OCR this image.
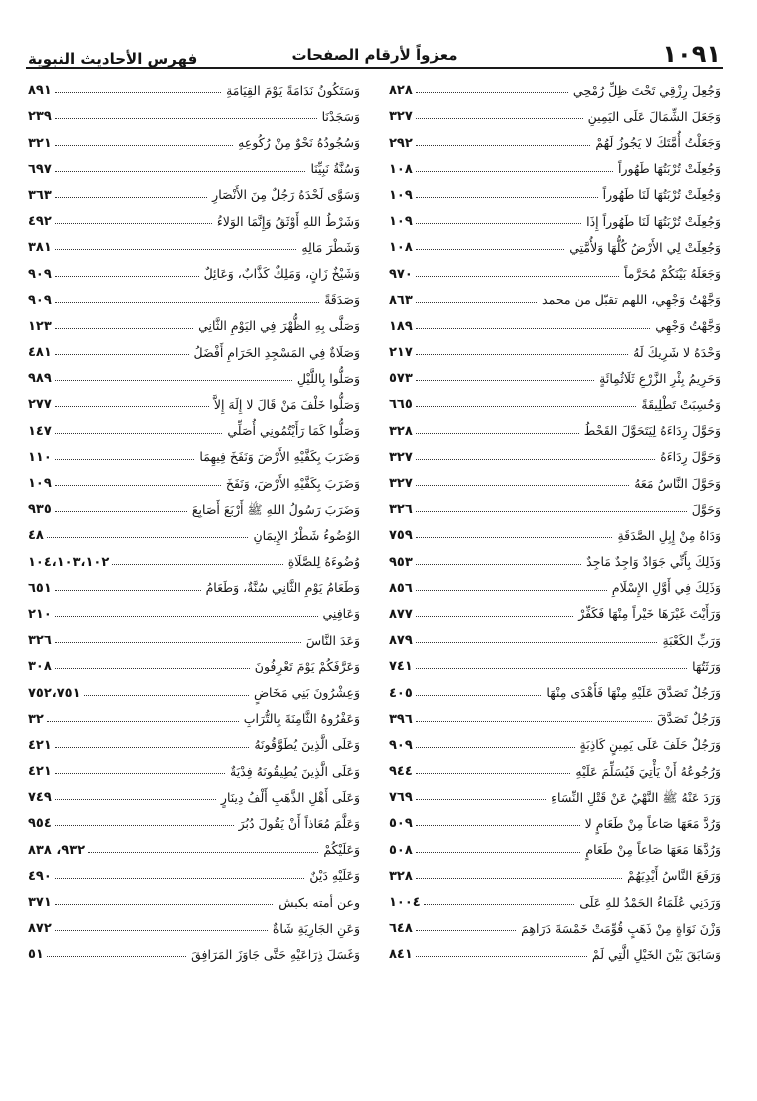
١٠٩١
معزواً لأرقام الصفحات
فهرس الأحاديث النبوية
وَجُعِلَ رِزْقِي تَحْتَ ظِلِّ رُمْحِي
٨٢٨
وَجَعَلَ الشِّمَالَ عَلَى اليَمِينِ
٣٢٧
وَجَعَلْتُ أُمَّتَكَ لا يَجُوزُ لَهُمْ
٢٩٢
وَجُعِلَتْ تُرْبَتُهَا طَهُوراً
١٠٨
وَجُعِلَتْ تُرْبَتُهَا لَنَا طَهُوراً
١٠٩
وَجُعِلَتْ تُرْبَتُهَا لَنَا طَهُوراً إِذَا
١٠٩
وَجُعِلَتْ لِي الأَرْضُ كُلُّهَا وَلأُمَّتِي
١٠٨
وَجَعَلَهُ بَيْنَكُمْ مُحَرَّماً
٩٧٠
وَجَّهْتُ وَجْهِي، اللهم تقبّل من محمد
٨٦٣
وَجَّهْتُ وَجْهِي
١٨٩
وَحْدَهُ لا شَرِيكَ لَهُ
٢١٧
وَحَرِيمُ بِئْرِ الزَّرْعِ ثَلَاثُمِائَةٍ
٥٧٣
وَحُسِبَتْ تَطْلِيقَةً
٦٦٥
وَحَوَّلَ رِدَاءَهُ لِيَتَحَوَّلَ القَحْطُ
٣٢٨
وَحَوَّلَ رِدَاءَهُ
٣٢٧
وَحَوَّلَ النَّاسُ مَعَهُ
٣٢٧
وَحَوَّلَ
٣٢٦
وَدَاهُ مِنْ إِبِلِ الصَّدَقَةِ
٧٥٩
وَذَلِكَ بِأَنِّي جَوَادٌ وَاجِدٌ مَاجِدٌ
٩٥٣
وَذَلِكَ فِي أَوَّلِ الإِسْلَامِ
٨٥٦
وَرَأَيْتَ غَيْرَهَا خَيْراً مِنْهَا فَكَفِّرْ
٨٧٧
وَرَبِّ الكَعْبَةِ
٨٧٩
وَرَثَتُهَا
٧٤١
وَرَجُلٌ تَصَدَّقَ عَلَيْهِ مِنْهَا فَأَهْدَى مِنْهَا
٤٠٥
وَرَجُلٌ تَصَدَّقَ
٣٩٦
وَرَجُلٌ حَلَفَ عَلَى يَمِينٍ كَاذِبَةٍ
٩٠٩
وَرُجُوعُهُ أَنْ يَأْتِيَ فَيُسَلِّمَ عَلَيْهِ
٩٤٤
وَرَدَ عَنْهُ ﷺ النَّهْيُ عَنْ قَتْلِ النِّسَاءِ
٧٦٩
وَرُدَّ مَعَهَا صَاعاً مِنْ طَعَامٍ لا
٥٠٩
وَرُدَّهَا مَعَهَا صَاعاً مِنْ طَعَامٍ
٥٠٨
وَرَفَعَ النَّاسُ أَيْدِيَهُمْ
٣٢٨
وَرَدَنِي عُلَمَاءُ الحَمْدُ للهِ عَلَى
١٠٠٤
وَزْنَ نَوَاةٍ مِنْ ذَهَبٍ قُوِّمَتْ خَمْسَةَ دَرَاهِمَ
٦٤٨
وَسَابَقَ بَيْنَ الخَيْلِ الَّتِي لَمْ
٨٤١
وَسَتَكُونُ نَدَامَةً يَوْمَ القِيَامَةِ
٨٩١
وَسَجَدْنَا
٢٣٩
وَسُجُودُهُ نَحْوٌ مِنْ رُكُوعِهِ
٣٢١
وَسُنَّةُ نَبِيِّنَا
٦٩٧
وَسَوَّى لَحْدَهُ رَجُلٌ مِنَ الأَنْصَارِ
٣٦٣
وَشَرْطُ اللهِ أَوْثَقُ وَإِنَّمَا الوَلاءُ
٤٩٢
وَشَطْرَ مَالِهِ
٣٨١
وَشَيْخٌ زَانٍ، وَمَلِكٌ كَذَّابٌ، وَعَائِلٌ
٩٠٩
وَصَدَقَةً
٩٠٩
وَصَلَّى بِهِ الظُّهْرَ فِي اليَوْمِ الثَّانِي
١٢٣
وَصَلَاةٌ فِي المَسْجِدِ الحَرَامِ أَفْضَلُ
٤٨١
وَصَلُّوا بِاللَّيْلِ
٩٨٩
وَصَلُّوا خَلْفَ مَنْ قَالَ لا إِلَهَ إِلاَّ
٢٧٧
وَصَلُّوا كَمَا رَأَيْتُمُونِي أُصَلِّي
١٤٧
وَضَرَبَ بِكَفَّيْهِ الأَرْضَ وَنَفَخَ فِيهِمَا
١١٠
وَضَرَبَ بِكَفَّيْهِ الأَرْضَ، وَنَفَخَ
١٠٩
وَضَرَبَ رَسُولُ اللهِ ﷺ أَرْبَعَ أَصَابِعَ
٩٣٥
الوُضُوءُ شَطْرُ الإِيمَانِ
٤٨
وُضُوءَهُ لِلصَّلَاةِ
١٠٤،١٠٣،١٠٢
وَطَعَامُ يَوْمِ الثَّانِي سُنَّةٌ، وَطَعَامُ
٦٥١
وَعَافِنِي
٢١٠
وَعَدَ النَّاسَ
٣٢٦
وَعَرَّفَكُمْ يَوْمَ تَعْرِفُونَ
٣٠٨
وَعِشْرُونَ بَنِي مَخَاضٍ
٧٥٢،٧٥١
وَعَفْرُوهُ الثَّامِنَةَ بِالتُّرَابِ
٣٢
وَعَلَى الَّذِينَ يُطَوَّقُونَهُ
٤٢١
وَعَلَى الَّذِينَ يُطِيقُونَهُ فِدْيَةٌ
٤٢١
وَعَلَى أَهْلِ الذَّهَبِ أَلْفُ دِينَارٍ
٧٤٩
وَعَلَّمَ مُعَاذاً أَنْ يَقُولَ دُبُرَ
٩٥٤
وَعَلَيْكُمْ
٩٣٢، ٨٣٨
وَعَلَيْهِ دَيْنٌ
٤٩٠
وعن أمته بكبش
٣٧١
وَعَنِ الجَارِيَةِ شَاةٌ
٨٧٢
وَغَسَلَ ذِرَاعَيْهِ حَتَّى جَاوَزَ المَرَافِقَ
٥١
